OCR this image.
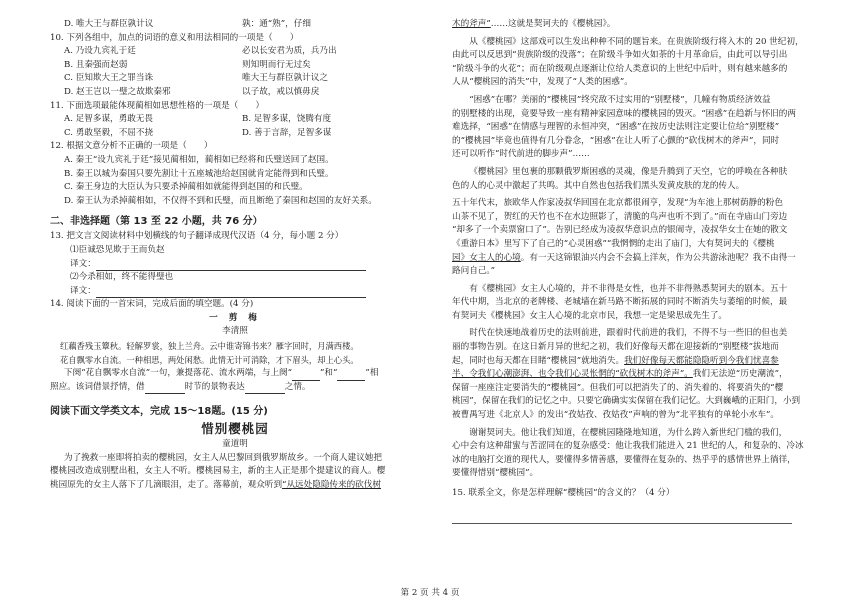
D. 唯大王与群臣孰计议	孰：通“熟”，仔细
10. 下列各组中，加点的词语的意义和用法相同的一项是（　　）
A. 乃设九宾礼于廷	必以长安君为质，兵乃出
B. 且秦强而赵弱	则知明而行无过矣
C. 臣知欺大王之罪当诛	唯大王与群臣孰计议之
D. 赵王岂以一璧之故欺秦邪	以子故，戒以慎毋戾
11. 下面选项最能体现蔺相如思想性格的一项是（　　）
A. 足智多谋，勇敢无畏	B. 足智多谋，饶腾有度
C. 勇敢坚毅，不屈不挠	D. 善于言辞，足智多谋
12. 根据文意分析不正确的一项是（　　）
A. 秦王“设九宾礼于廷”接见蔺相如，蔺相如已经将和氏璧送回了赵国。
B. 秦王以城为秦国只要先割让十五座城池给赵国就肯定能得到和氏璧。
C. 秦王身边的大臣认为只要杀掉蔺相如就能得到赵国的和氏璧。
D. 秦王认为杀掉蔺相如，不仅得不到和氏璧，而且断绝了秦国和赵国的友好关系。
二、非选择题（第 13 至 22 小题，共 76 分）
13. 把文言文阅读材料中划横线的句子翻译成现代汉语（4 分，每小题 2 分）
⑴臣诚恐见欺于王而负赵
译文：
⑵今杀相如，终不能得璧也
译文：
14. 阅读下面的一首宋词，完成后面的填空题。(4 分)
一 剪 梅
李清照
红藕香残玉簟秋。轻解罗裳，独上兰舟。云中谁寄锦书来？雁字回时，月满西楼。
花自飘零水自流。一种相思，两处闲愁。此情无计可消除，才下眉头，却上心头。
下阕“花自飘零水自流”一句，兼提落花、流水两端，与上阕“	”和“	”相
照应。该词借景抒情，借	时节的景物表达	之情。
阅读下面文学类文本，完成 15～18题。(15 分)
惜别樱桃园
童道明
为了挽救一座即将拍卖的樱桃园，女主人从巴黎回到俄罗斯故乡。一个商人建议她把
樱桃园改造成别墅出租，女主人不听。樱桃园易主，新的主人正是那个提建议的商人。樱
桃园原先的女主人落下了几滴眼泪，走了。落幕前，观众听到“从远处隐隐传来的砍伐树
木的斧声”……这就是契诃夫的《樱桃园》。
从《樱桃园》这部戏可以生发出种种不同的题旨来。在贵族阶级行将入木的 20 世纪初，
由此可以反思到“贵族阶级的没落”；在阶级斗争如火如荼的十月革命后，由此可以导引出
“阶级斗争的火花”；而在阶级观点逐渐让位给人类意识的上世纪中后叶，则有越来越多的
人从“樱桃园的消失”中，发现了“人类的困惑”。
“困惑”在哪？美丽的“樱桃园”终究敌不过实用的“别墅楼”，几幢有物质经济效益
的别墅楼的出现，竟要导致一座有精神家园意味的樱桃园的毁灭。“困惑”在趋新与怀旧的两
难选择，“困惑”在情感与理智的永恒冲突，“困惑”在按历史法则注定要让位给“别墅楼”
的“樱桃园”毕竟也值得有几分眷念，“困惑”在让人听了心颤的“砍伐树木的斧声”，同时
还可以听作“时代前进的脚步声”……
《樱桃园》里包裹的那颗俄罗斯困惑的灵魂，像是升腾到了天空，它的呼唤在各种肤
色的人的心灵中激起了共鸣。其中自然也包括我们黑头发黄皮肤的龙的传人。
五十年代末，旅欧华人作家凌叔华回国在北京都很闹亨，发现“为车池上那树荫静的粉色
山茶不见了，贺红的天竹也不在水边照影了，清脆的鸟声也听不到了。”而在寺庙山门旁边
“却多了一个卖票窗口了”。告别已经成为凌叔华意识点的银闹寺，凌叔华女士在她的散文
《重游日本》里写下了自己的“心灵困惑”“我惘惘的走出了庙门，大有契诃夫的《樱桃
园》女主人的心境。有一天这锦银油兴内会不会搞上洋灰，作为公共游泳池呢？我不由得一
路问自己。”
有《樱桃园》女主人心境的，并不非得是女性，也并不非得熟悉契诃夫的剧本。五十
年代中期，当北京的老牌楼、老城墙在新马路不断拓展的同时不断消失与萎缩的时候，最
有契诃夫《樱桃园》女主人心境的北京市民，我想一定是梁思成先生了。
时代在快速地战着历史的法则前进，跟着时代前进的我们，不得不与一些旧的但也美
丽的事物告别。在这日新月异的世纪之初，我们好像每天都在迎接新的“别墅楼”拔地而
起，同时也每天都在目睹“樱桃园”就地消失。我们好像每天都能隐隐听到今我们忧喜参
半、令我们心潮澎湃、也令我们心灵怅惘的“砍伐树木的斧声”。我们无法逆“历史潮流”，
保留一座座注定要消失的“樱桃园”。但我们可以把消失了的、消失着的、将要消失的“樱
桃园”，保留在我们的记忆之中。只要它确确实实保留在我们记忆。大到巍峨的正阳门，小到
被曹禺写进《北京人》的发出“孜姑孜、孜姑孜”声响的曾为“北平独有的单轮小水车”。
谢谢契诃夫。他让我们知道，在樱桃园隆隆地知道，为什么跨入新世纪门槛的我们，
心中会有这种甜蜜与苦涩同在的复杂感受：他让我我们能进入 21 世纪的人，和复杂的、冷冰
冰的电脑打交道的现代人，要懂得多情善感，要懂得在复杂的、热乎乎的感情世界上徜徉，
要懂得惜别“樱桃园”。
15. 联系全文，你是怎样理解“樱桃园”的含义的？（4 分）
第 2 页 共 4 页
